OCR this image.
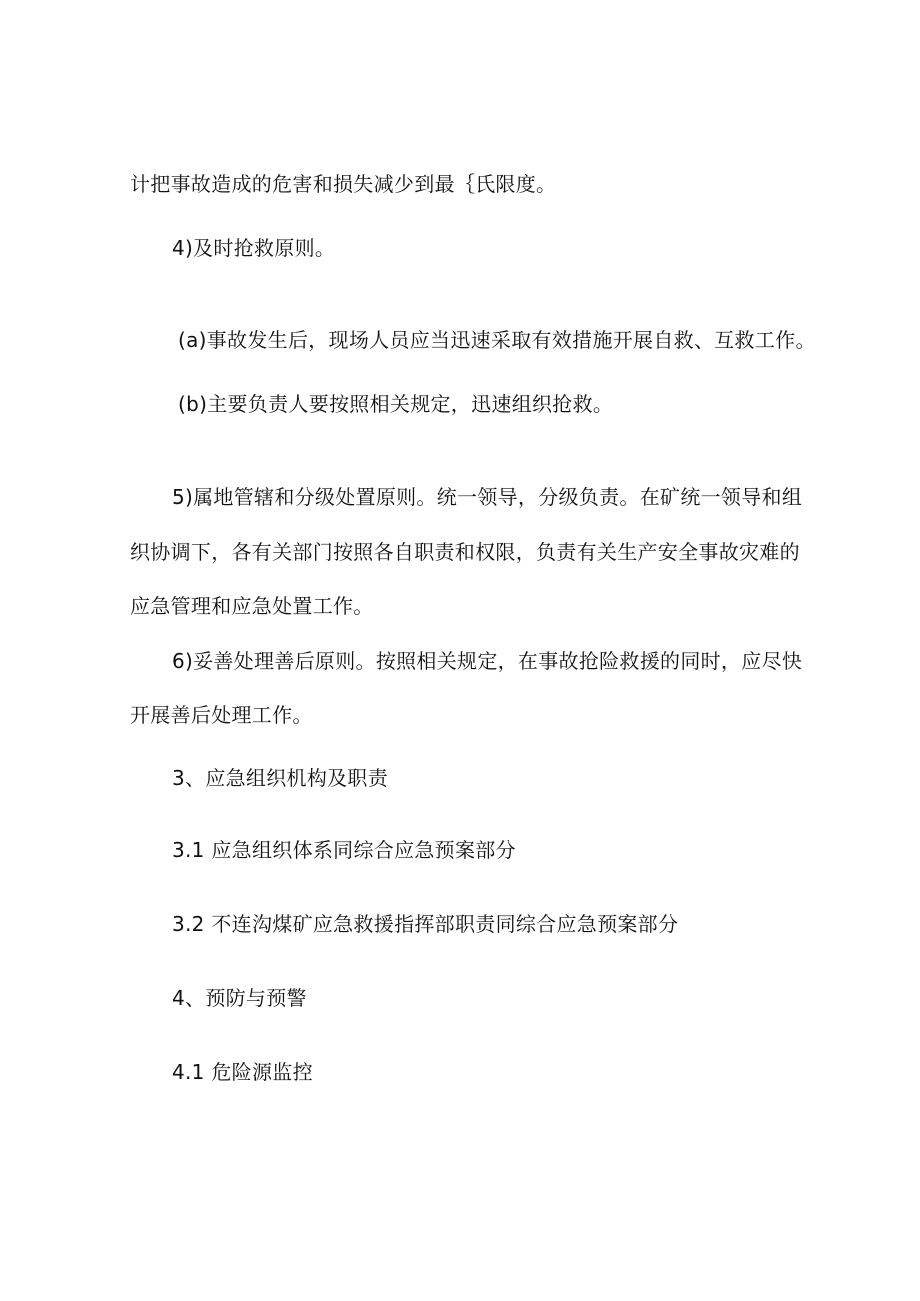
计把事故造成的危害和损失减少到最｛氏限度。
4)及时抢救原则。
(a)事故发生后，现场人员应当迅速采取有效措施开展自救、互救工作。
(b)主要负责人要按照相关规定，迅速组织抢救。
5)属地管辖和分级处置原则。统一领导，分级负责。在矿统一领导和组
织协调下，各有关部门按照各自职责和权限，负责有关生产安全事故灾难的
应急管理和应急处置工作。
6)妥善处理善后原则。按照相关规定，在事故抢险救援的同时，应尽快
开展善后处理工作。
3、应急组织机构及职责
3.1 应急组织体系同综合应急预案部分
3.2 不连沟煤矿应急救援指挥部职责同综合应急预案部分
4、预防与预警
4.1 危险源监控
